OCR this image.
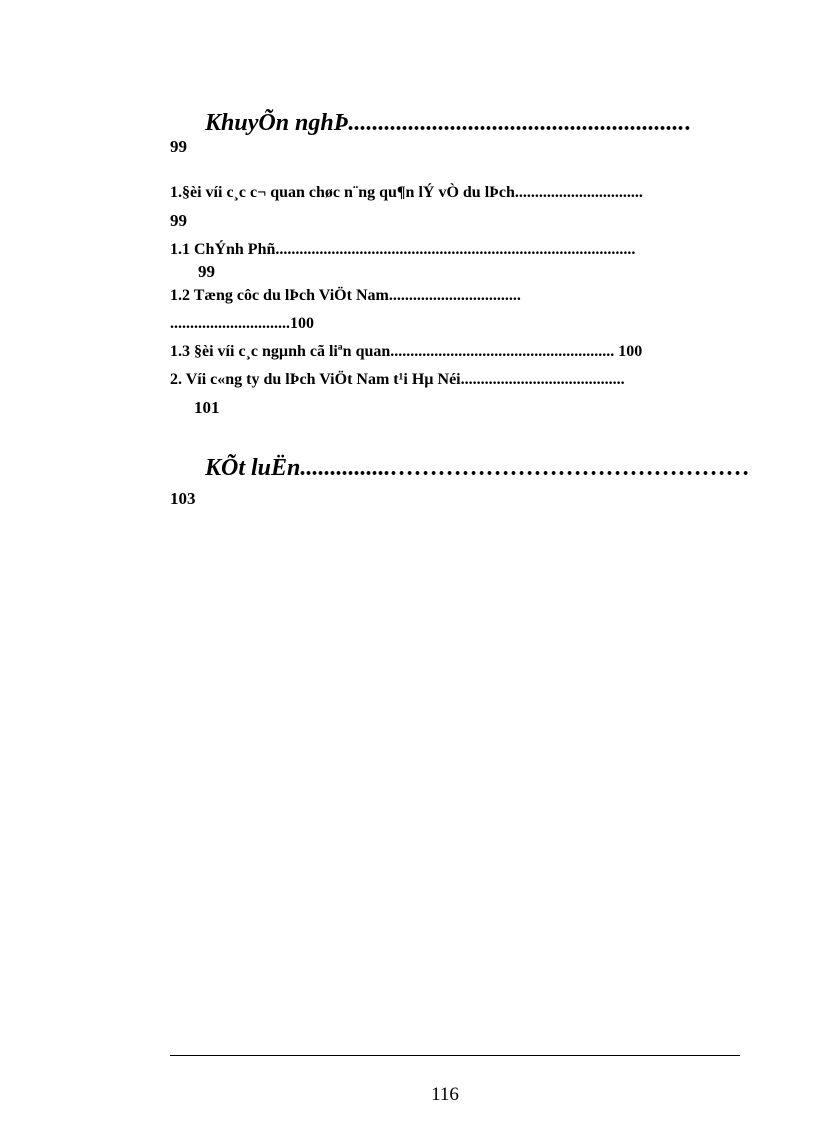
KhuyÕn nghÞ.........................................................
99
1.§èi víi c¸c c¬ quan chøc n¨ng qu¶n lÝ vÒ du lÞch................................
99
1.1 ChÝnh Phñ..........................................................................................
99
1.2 Tæng côc du lÞch ViÖt Nam.................................
..............................100
1.3 §èi víi c¸c ngµnh cã liªn quan........................................................ 100
2. Víi c«ng ty du lÞch ViÖt Nam t¹i Hµ Néi.........................................
101
KÕt luËn...............………………………………………
103
116
